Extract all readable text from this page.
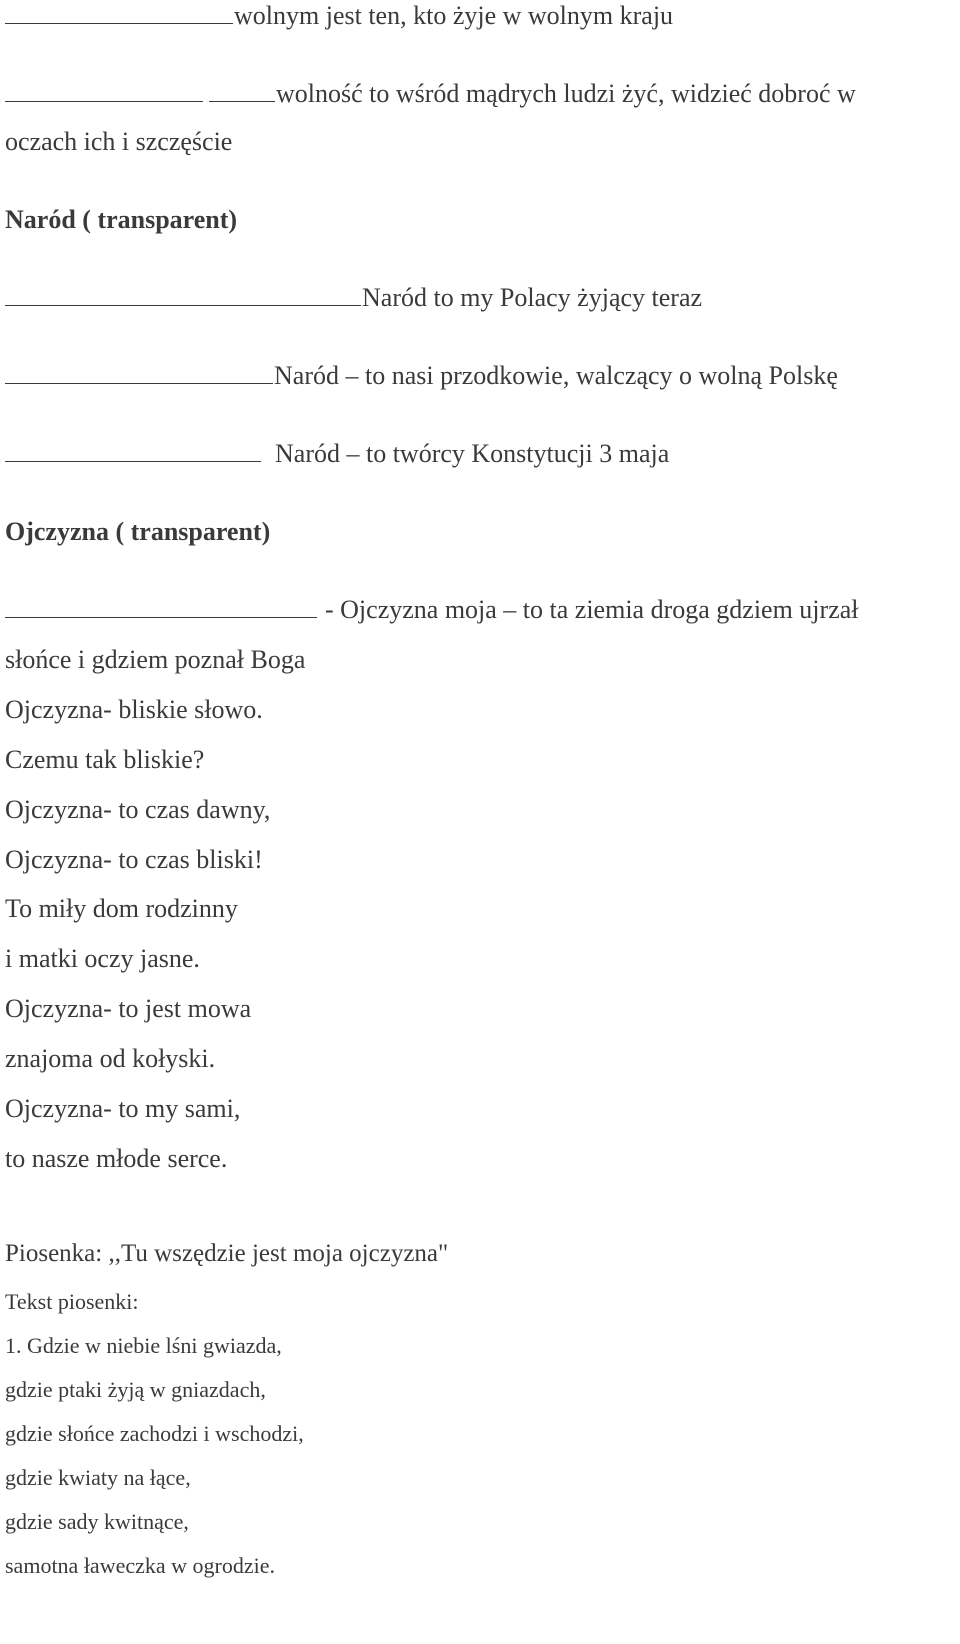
wolnym jest ten, kto żyje w wolnym kraju
wolność to wśród mądrych ludzi żyć, widzieć dobroć w
oczach ich i szczęście
Naród ( transparent)
Naród to my Polacy żyjący teraz
Naród – to nasi przodkowie, walczący o wolną Polskę
Naród – to twórcy Konstytucji 3 maja
Ojczyzna ( transparent)
- Ojczyzna moja – to ta ziemia droga gdziem ujrzał
słońce i gdziem poznał Boga
Ojczyzna- bliskie słowo.
Czemu tak bliskie?
Ojczyzna- to czas dawny,
Ojczyzna- to czas bliski!
To miły dom rodzinny
i matki oczy jasne.
Ojczyzna- to jest mowa
znajoma od kołyski.
Ojczyzna- to my sami,
to nasze młode serce.
Piosenka: ,,Tu wszędzie jest moja ojczyzna"
Tekst piosenki:
1. Gdzie w niebie lśni gwiazda,
gdzie ptaki żyją w gniazdach,
gdzie słońce zachodzi i wschodzi,
gdzie kwiaty na łące,
gdzie sady kwitnące,
samotna ławeczka w ogrodzie.
